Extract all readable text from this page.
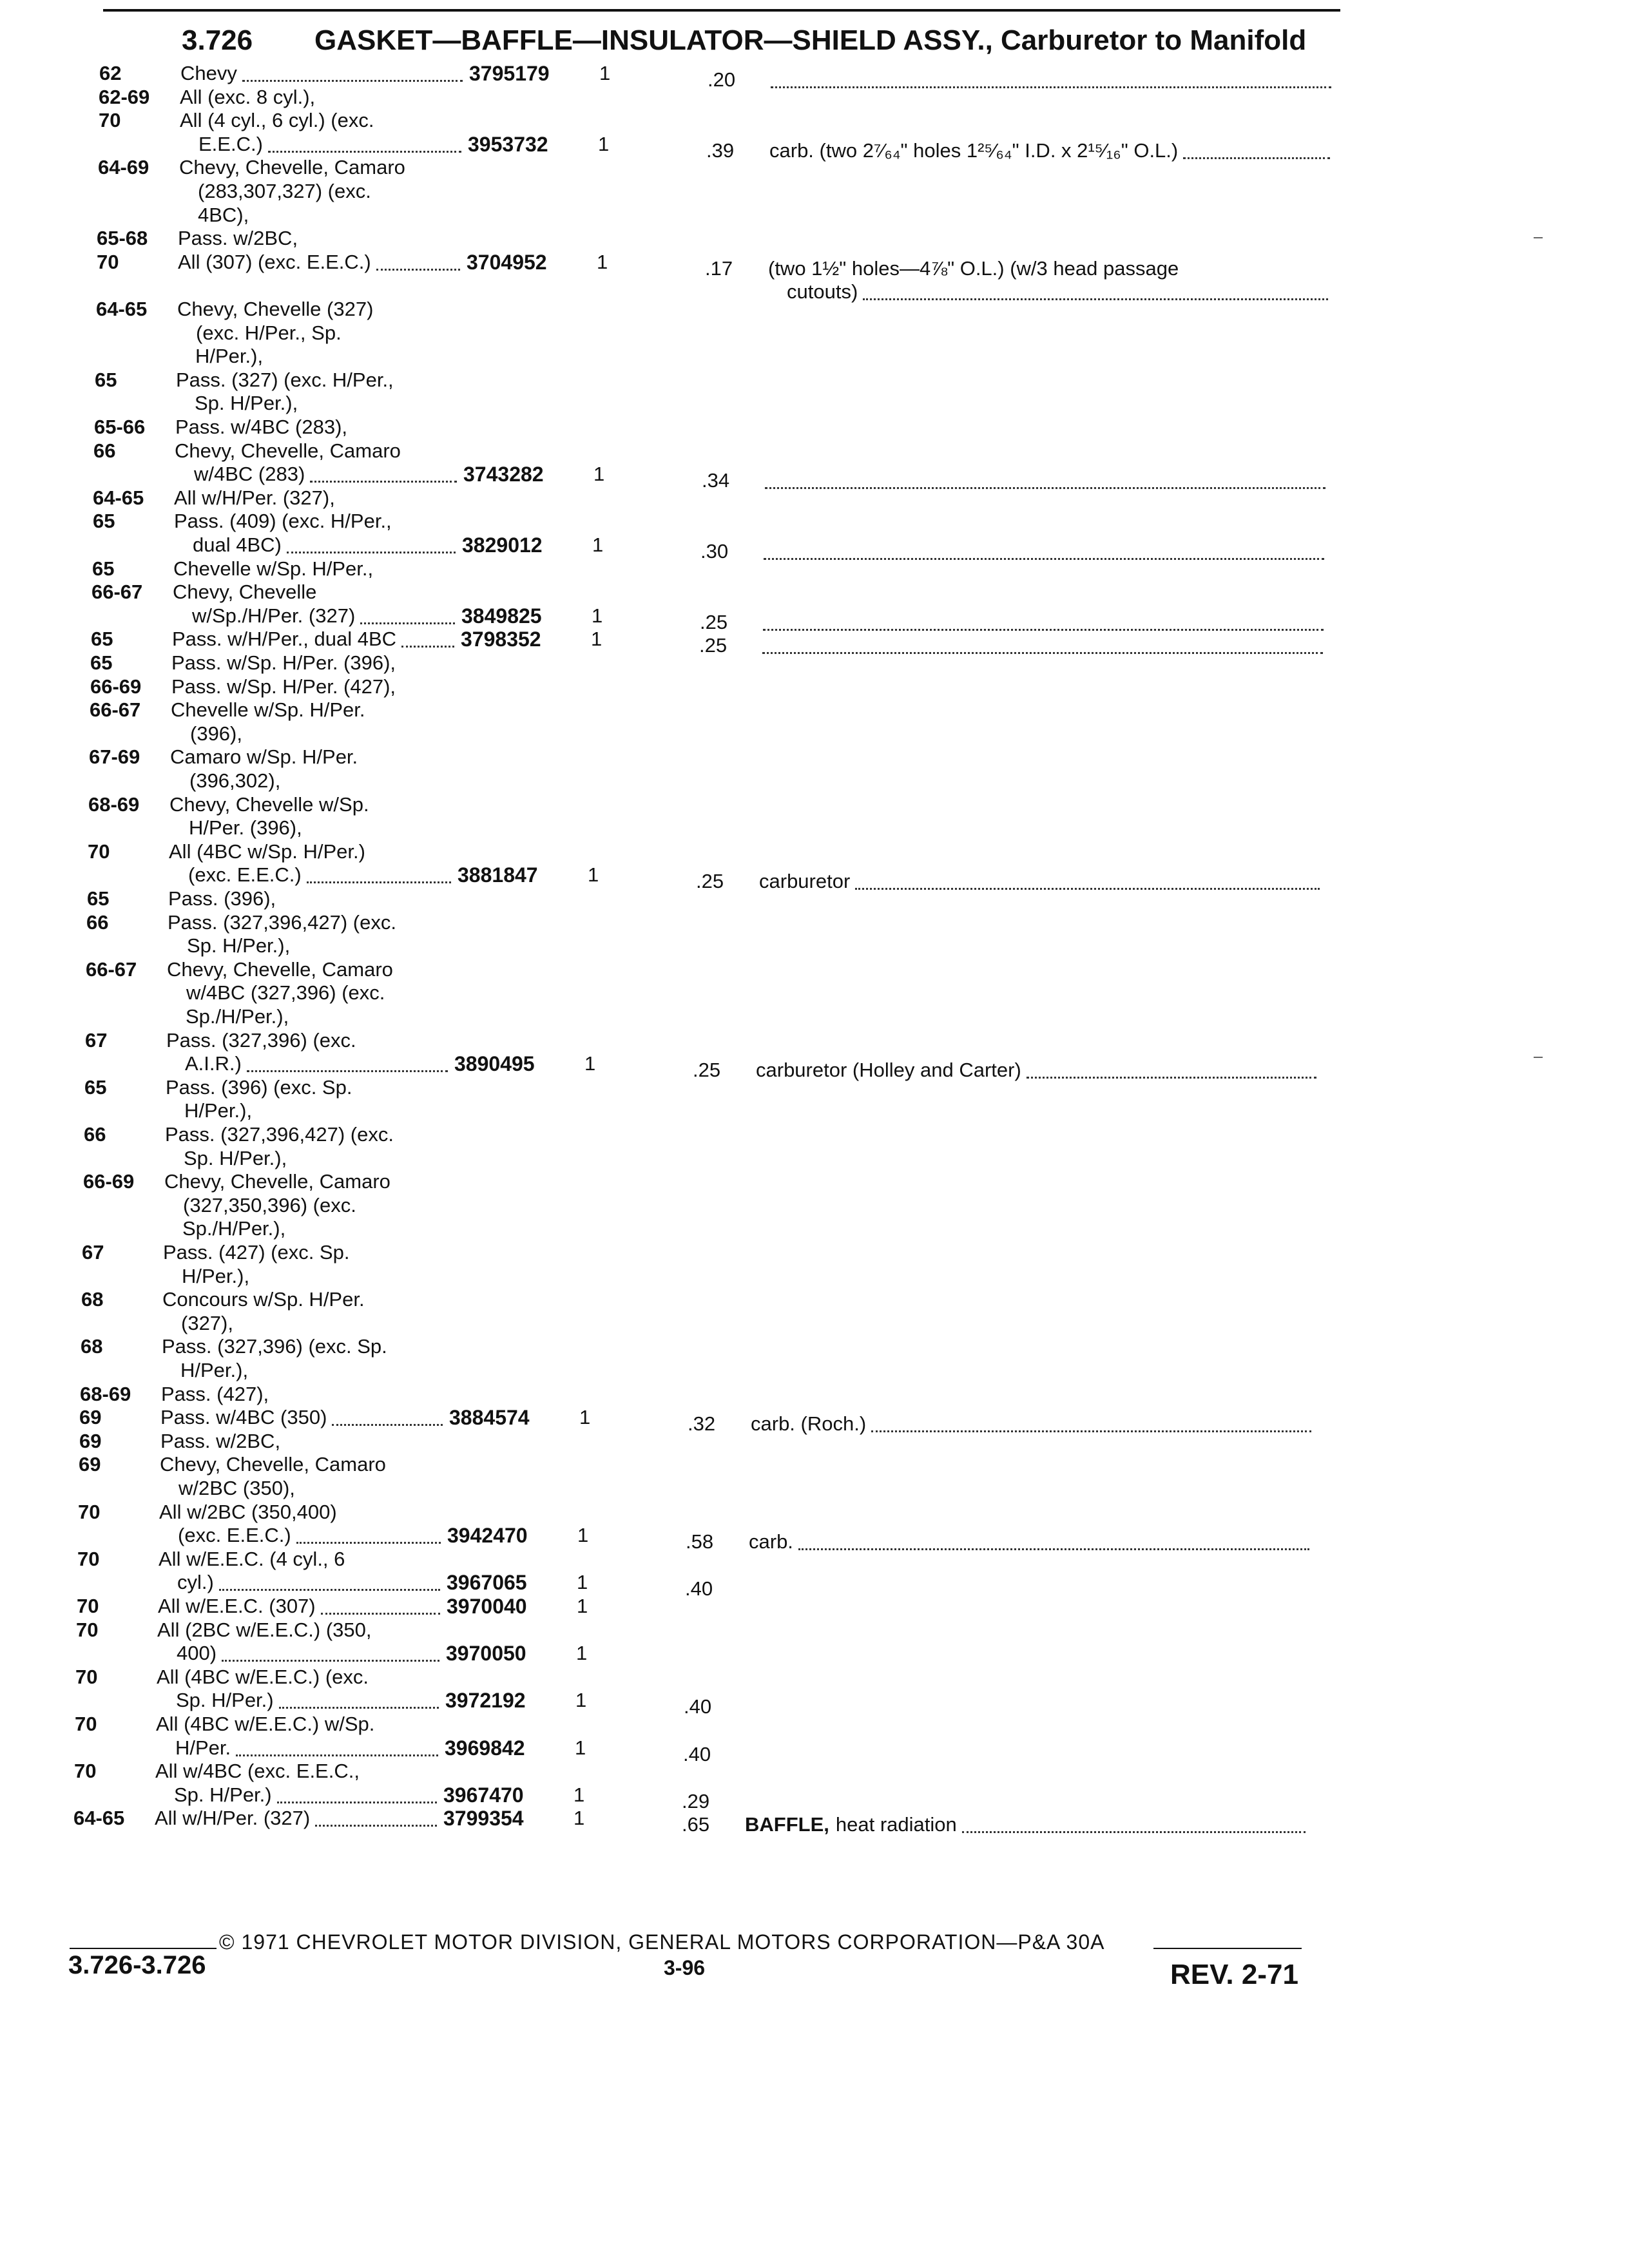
3.726 GASKET—BAFFLE—INSULATOR—SHIELD ASSY., Carburetor to Manifold
62	Chevy	3795179 1	.20
62-69 All (exc. 8 cyl.),
70	All (4 cyl., 6 cyl.) (exc.
E.E.C.)	3953732 1	.39 carb. (two 2⁷⁄₆₄" holes 1²⁵⁄₆₄" I.D. x 2¹⁵⁄₁₆" O.L.)
64-69 Chevy, Chevelle, Camaro
(283,307,327) (exc.
4BC),
65-68 Pass. w/2BC,
70	All (307) (exc. E.E.C.)	3704952 1	.17 (two 1½" holes—4⅞" O.L.) (w/3 head passage
cutouts)
64-65 Chevy, Chevelle (327)
(exc. H/Per., Sp.
H/Per.),
65	Pass. (327) (exc. H/Per.,
Sp. H/Per.),
65-66 Pass. w/4BC (283),
66	Chevy, Chevelle, Camaro
w/4BC (283)	3743282 1	.34
64-65 All w/H/Per. (327),
65	Pass. (409) (exc. H/Per.,
dual 4BC)	3829012 1	.30
65	Chevelle w/Sp. H/Per.,
66-67 Chevy, Chevelle
w/Sp./H/Per. (327)	3849825 1	.25
65	Pass. w/H/Per., dual 4BC	3798352 1	.25
65	Pass. w/Sp. H/Per. (396),
66-69 Pass. w/Sp. H/Per. (427),
66-67 Chevelle w/Sp. H/Per.
(396),
67-69 Camaro w/Sp. H/Per.
(396,302),
68-69 Chevy, Chevelle w/Sp.
H/Per. (396),
70	All (4BC w/Sp. H/Per.)
(exc. E.E.C.)	3881847 1	.25 carburetor
65	Pass. (396),
66	Pass. (327,396,427) (exc.
Sp. H/Per.),
66-67 Chevy, Chevelle, Camaro
w/4BC (327,396) (exc.
Sp./H/Per.),
67	Pass. (327,396) (exc.
A.I.R.)	3890495 1	.25 carburetor (Holley and Carter)
65	Pass. (396) (exc. Sp.
H/Per.),
66	Pass. (327,396,427) (exc.
Sp. H/Per.),
66-69 Chevy, Chevelle, Camaro
(327,350,396) (exc.
Sp./H/Per.),
67	Pass. (427) (exc. Sp.
H/Per.),
68	Concours w/Sp. H/Per.
(327),
68	Pass. (327,396) (exc. Sp.
H/Per.),
68-69 Pass. (427),
69	Pass. w/4BC (350)	3884574 1	.32 carb. (Roch.)
69	Pass. w/2BC,
69	Chevy, Chevelle, Camaro
w/2BC (350),
70	All w/2BC (350,400)
(exc. E.E.C.)	3942470 1	.58 carb.
70	All w/E.E.C. (4 cyl., 6
cyl.)	3967065 1	.40
70	All w/E.E.C. (307)	3970040 1
70	All (2BC w/E.E.C.) (350,
400)	3970050 1
70	All (4BC w/E.E.C.) (exc.
Sp. H/Per.)	3972192 1	.40
70	All (4BC w/E.E.C.) w/Sp.
H/Per.	3969842 1	.40
70	All w/4BC (exc. E.E.C.,
Sp. H/Per.)	3967470 1	.29
64-65 All w/H/Per. (327)	3799354 1	.65 BAFFLE, heat radiation
© 1971 CHEVROLET MOTOR DIVISION, GENERAL MOTORS CORPORATION—P&A 30A
3.726-3.726	3-96	REV. 2-71
